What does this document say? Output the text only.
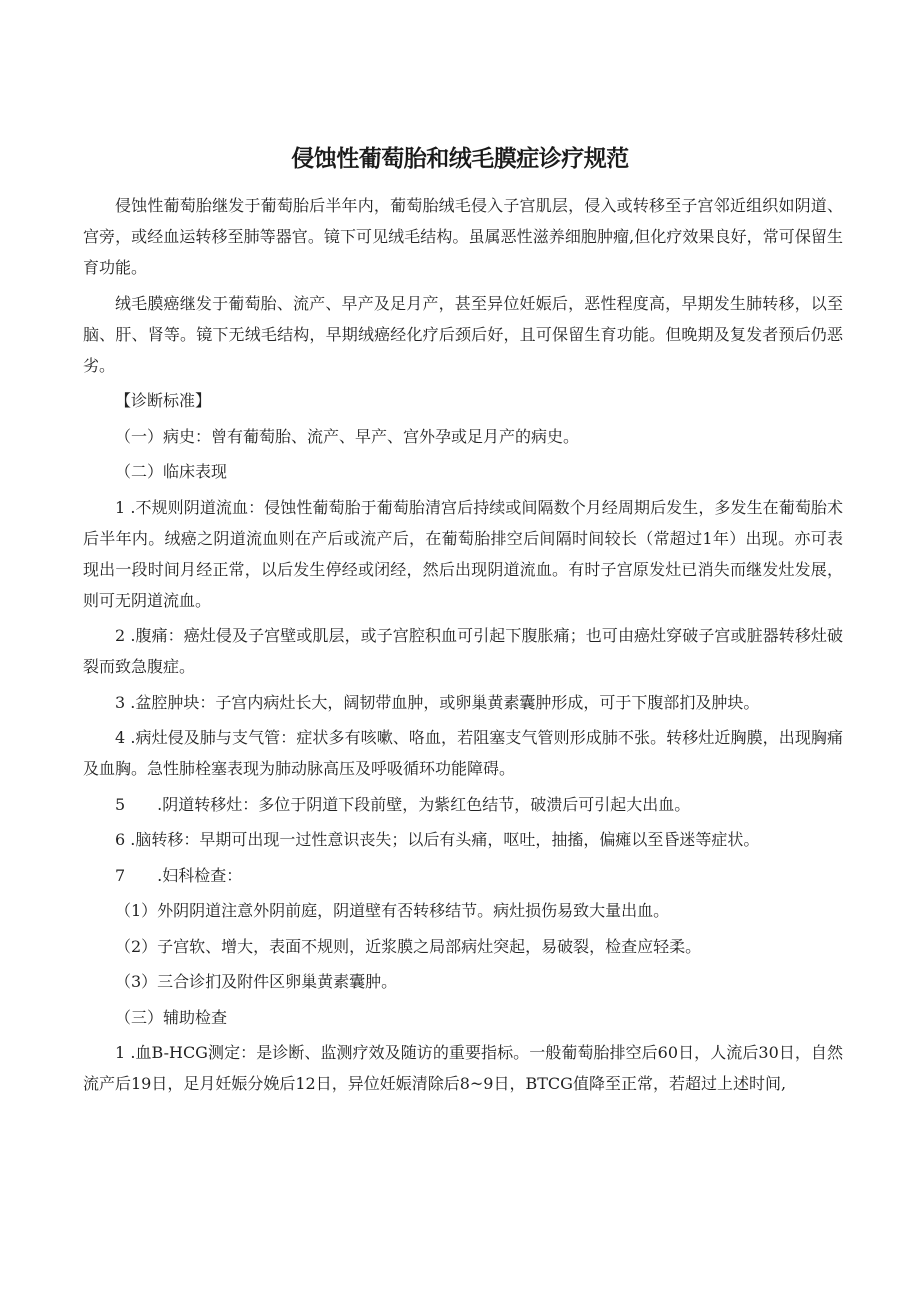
侵蚀性葡萄胎和绒毛膜症诊疗规范

侵蚀性葡萄胎继发于葡萄胎后半年内，葡萄胎绒毛侵入子宫肌层，侵入或转移至子宫邻近组织如阴道、宫旁，或经血运转移至肺等器官。镜下可见绒毛结构。虽属恶性滋养细胞肿瘤,但化疗效果良好，常可保留生育功能。

绒毛膜癌继发于葡萄胎、流产、早产及足月产，甚至异位妊娠后，恶性程度高，早期发生肺转移，以至脑、肝、肾等。镜下无绒毛结构，早期绒癌经化疗后颈后好，且可保留生育功能。但晚期及复发者预后仍恶劣。

【诊断标准】

（一）病史：曾有葡萄胎、流产、早产、宫外孕或足月产的病史。

（二）临床表现

1 .不规则阴道流血：侵蚀性葡萄胎于葡萄胎清宫后持续或间隔数个月经周期后发生，多发生在葡萄胎术后半年内。绒癌之阴道流血则在产后或流产后，在葡萄胎排空后间隔时间较长（常超过1年）出现。亦可表现出一段时间月经正常，以后发生停经或闭经，然后出现阴道流血。有时子宫原发灶已消失而继发灶发展，则可无阴道流血。

2 .腹痛：癌灶侵及子宫壁或肌层，或子宫腔积血可引起下腹胀痛；也可由癌灶穿破子宫或脏器转移灶破裂而致急腹症。

3 .盆腔肿块：子宫内病灶长大，阔韧带血肿，或卵巢黄素囊肿形成，可于下腹部扪及肿块。

4 .病灶侵及肺与支气管：症状多有咳嗽、咯血，若阻塞支气管则形成肺不张。转移灶近胸膜，出现胸痛及血胸。急性肺栓塞表现为肺动脉高压及呼吸循环功能障碍。

5　　.阴道转移灶：多位于阴道下段前壁，为紫红色结节，破溃后可引起大出血。

6 .脑转移：早期可出现一过性意识丧失；以后有头痛，呕吐，抽搐，偏瘫以至昏迷等症状。

7　　.妇科检查：

（1）外阴阴道注意外阴前庭，阴道壁有否转移结节。病灶损伤易致大量出血。

（2）子宫软、增大，表面不规则，近浆膜之局部病灶突起，易破裂，检查应轻柔。

（3）三合诊扪及附件区卵巢黄素囊肿。

（三）辅助检查

1 .血B-HCG测定：是诊断、监测疗效及随访的重要指标。一般葡萄胎排空后60日，人流后30日，自然流产后19日，足月妊娠分娩后12日，异位妊娠清除后8~9日，BTCG值降至正常，若超过上述时间,
